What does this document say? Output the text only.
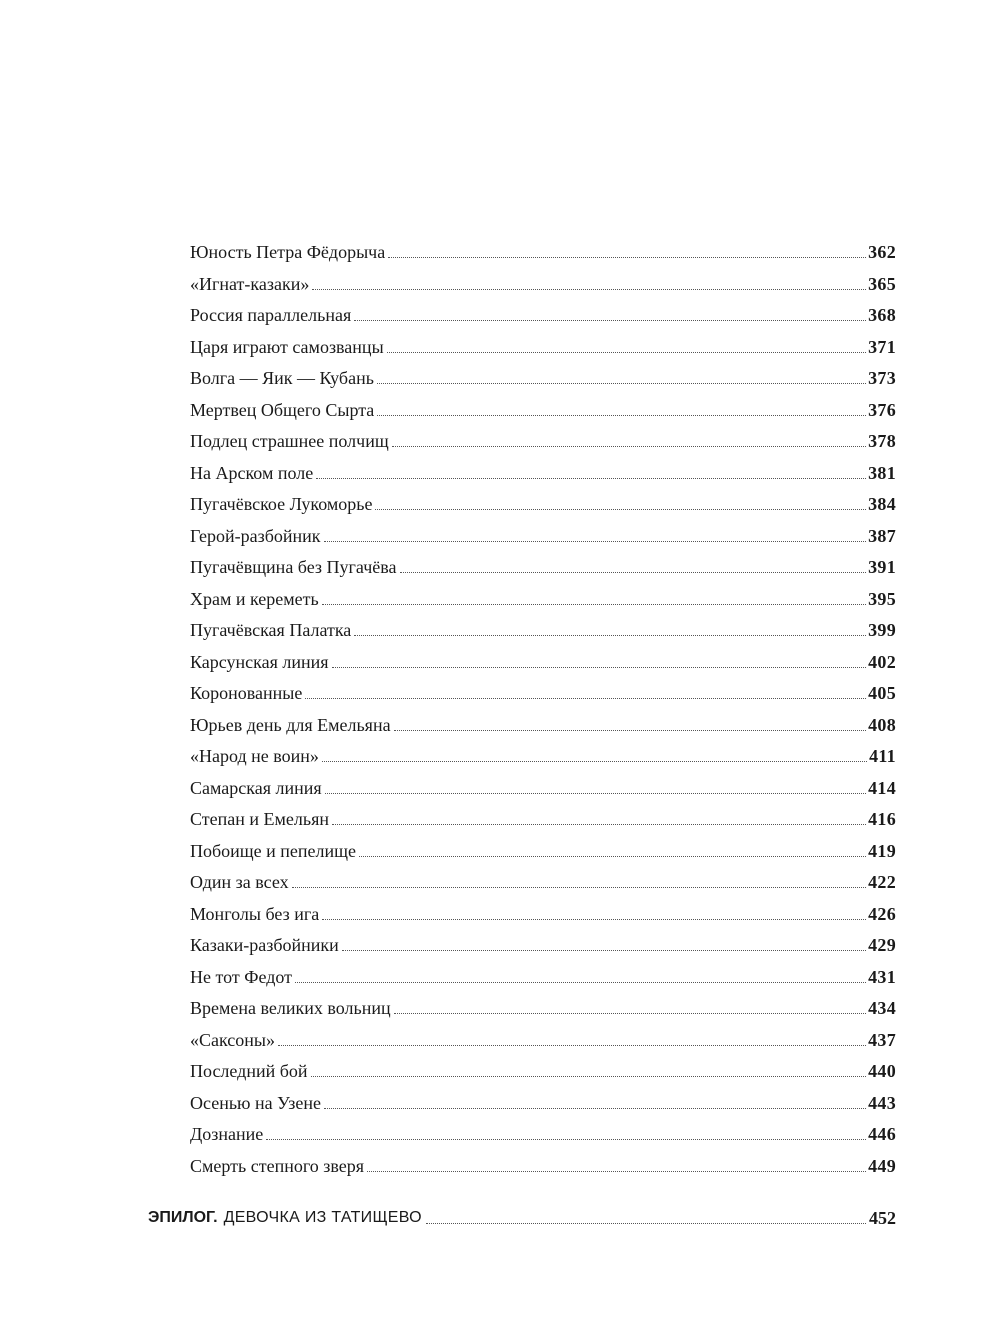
Юность Петра Фёдорыча	362
«Игнат-казаки»	365
Россия параллельная	368
Царя играют самозванцы	371
Волга — Яик — Кубань	373
Мертвец Общего Сырта	376
Подлец страшнее полчищ	378
На Арском поле	381
Пугачёвское Лукоморье	384
Герой-разбойник	387
Пугачёвщина без Пугачёва	391
Храм и кереметь	395
Пугачёвская Палатка	399
Карсунская линия	402
Коронованные	405
Юрьев день для Емельяна	408
«Народ не воин»	411
Самарская линия	414
Степан и Емельян	416
Побоище и пепелище	419
Один за всех	422
Монголы без ига	426
Казаки-разбойники	429
Не тот Федот	431
Времена великих вольниц	434
«Саксоны»	437
Последний бой	440
Осенью на Узене	443
Дознание	446
Смерть степного зверя	449
ЭПИЛОГ. ДЕВОЧКА ИЗ ТАТИЩЕВО	452
